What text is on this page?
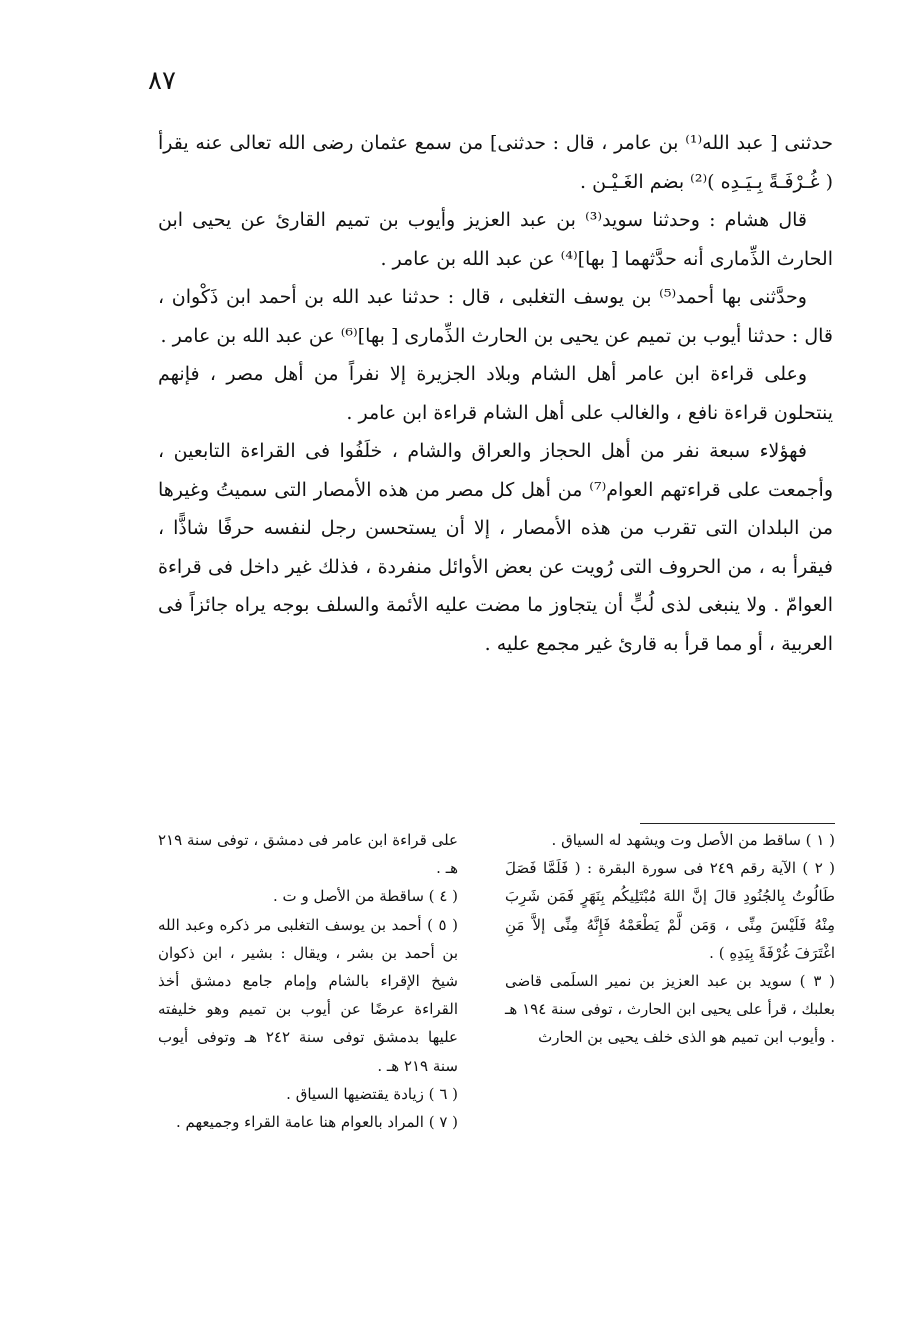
٨٧

حدثنى [ عبد الله⁽¹⁾ بن عامر ، قال : حدثنى] من سمع عثمان رضى الله تعالى عنه يقرأ ( غُـرْفَـةً بِـيَـدِه )⁽²⁾ بضم الغَـيْـن .

قال هشام : وحدثنا سويد⁽³⁾ بن عبد العزيز وأيوب بن تميم القارئ عن يحيى ابن الحارث الذِّمارى أنه حدَّثهما [ بها]⁽⁴⁾ عن عبد الله بن عامر .

وحدَّثنى بها أحمد⁽⁵⁾ بن يوسف التغلبى ، قال : حدثنا عبد الله بن أحمد ابن ذَكْوان ، قال : حدثنا أيوب بن تميم عن يحيى بن الحارث الذِّمارى [ بها]⁽⁶⁾ عن عبد الله بن عامر .

وعلى قراءة ابن عامر أهل الشام وبلاد الجزيرة إلا نفراً من أهل مصر ، فإنهم ينتحلون قراءة نافع ، والغالب على أهل الشام قراءة ابن عامر .

فهؤلاء سبعة نفر من أهل الحجاز والعراق والشام ، خلَفُوا فى القراءة التابعين ، وأجمعت على قراءتهم العوام⁽⁷⁾ من أهل كل مصر من هذه الأمصار التى سميتُ وغيرها من البلدان التى تقرب من هذه الأمصار ، إلا أن يستحسن رجل لنفسه حرفًا شاذًّا ، فيقرأ به ، من الحروف التى رُويت عن بعض الأوائل منفردة ، فذلك غير داخل فى قراءة العوامّ . ولا ينبغى لذى لُبٍّ أن يتجاوز ما مضت عليه الأئمة والسلف بوجه يراه جائزاً فى العربية ، أو مما قرأ به قارئ غير مجمع عليه .

( ١ ) ساقط من الأصل وت ويشهد له السياق .

( ٢ ) الآية رقم ٢٤٩ فى سورة البقرة : ( فَلَمَّا فَصَلَ طَالُوتُ بِالجُنُودِ قالَ إنَّ اللهَ مُبْتَلِيكُم بِنَهَرٍ فَمَن شَرِبَ مِنْهُ فَلَيْسَ مِنِّى ، وَمَن لَّمْ يَطْعَمْهُ فَإِنَّهُ مِنِّى إلاَّ مَنِ اغْتَرَفَ غُرْفَةً بِيَدِهِ ) .

( ٣ ) سويد بن عبد العزيز بن نمير السلَمى قاضى بعلبك ، قرأ على يحيى ابن الحارث ، توفى سنة ١٩٤ هـ . وأيوب ابن تميم هو الذى خلف يحيى بن الحارث

على قراءة ابن عامر فى دمشق ، توفى سنة ٢١٩ هـ .

( ٤ ) ساقطة من الأصل و ت .

( ٥ ) أحمد بن يوسف التغلبى مر ذكره وعبد الله بن أحمد بن بشر ، ويقال : بشير ، ابن ذكوان شيخ الإقراء بالشام وإمام جامع دمشق أخذ القراءة عرضًا عن أيوب بن تميم وهو خليفته عليها بدمشق توفى سنة ٢٤٢ هـ وتوفى أيوب سنة ٢١٩ هـ .

( ٦ ) زيادة يقتضيها السياق .

( ٧ ) المراد بالعوام هنا عامة القراء وجميعهم .
